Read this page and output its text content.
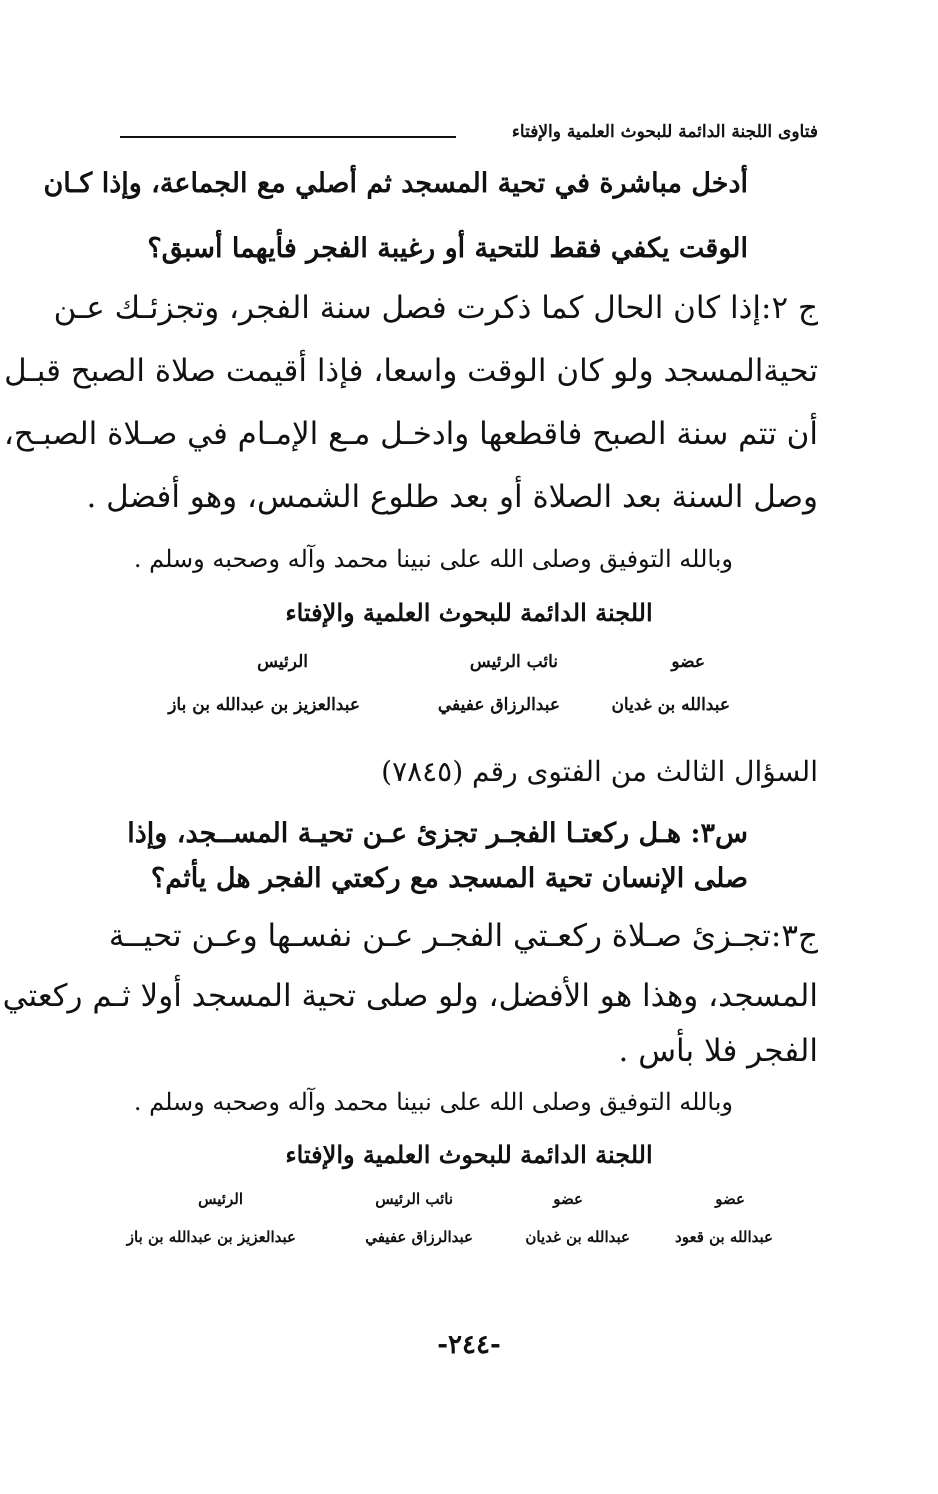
فتاوى اللجنة الدائمة للبحوث العلمية والإفتاء
أدخل مباشرة في تحية المسجد ثم أصلي مع الجماعة، وإذا كـان
الوقت يكفي فقط للتحية أو رغيبة الفجر فأيهما أسبق؟
ج ٢:إذا كان الحال كما ذكرت فصل سنة الفجر، وتجزئـك عـن
تحيةالمسجد ولو كان الوقت واسعا، فإذا أقيمت صلاة الصبح قبـل
أن تتم سنة الصبح فاقطعها وادخـل مـع الإمـام في صـلاة الصبـح،
وصل السنة بعد الصلاة أو بعد طلوع الشمس، وهو أفضل .
وبالله التوفيق وصلى الله على نبينا محمد وآله وصحبه وسلم .
اللجنة الدائمة للبحوث العلمية والإفتاء
عضو
نائب الرئيس
الرئيس
عبدالله بن غديان
عبدالرزاق عفيفي
عبدالعزيز بن عبدالله بن باز
السؤال الثالث من الفتوى رقم (٧٨٤٥)
س٣: هـل ركعتـا الفجـر تجزئ عـن تحيـة المســجد، وإذا
صلى الإنسان تحية المسجد مع ركعتي الفجر هل يأثم؟
ج٣:تجـزئ صـلاة ركعـتي الفجـر عـن نفسـها وعـن تحيــة
المسجد، وهذا هو الأفضل، ولو صلى تحية المسجد أولا ثـم ركعتي
الفجر فلا بأس .
وبالله التوفيق وصلى الله على نبينا محمد وآله وصحبه وسلم .
اللجنة الدائمة للبحوث العلمية والإفتاء
عضو
عضو
نائب الرئيس
الرئيس
عبدالله بن قعود
عبدالله بن غديان
عبدالرزاق عفيفي
عبدالعزيز بن عبدالله بن باز
-٢٤٤-
